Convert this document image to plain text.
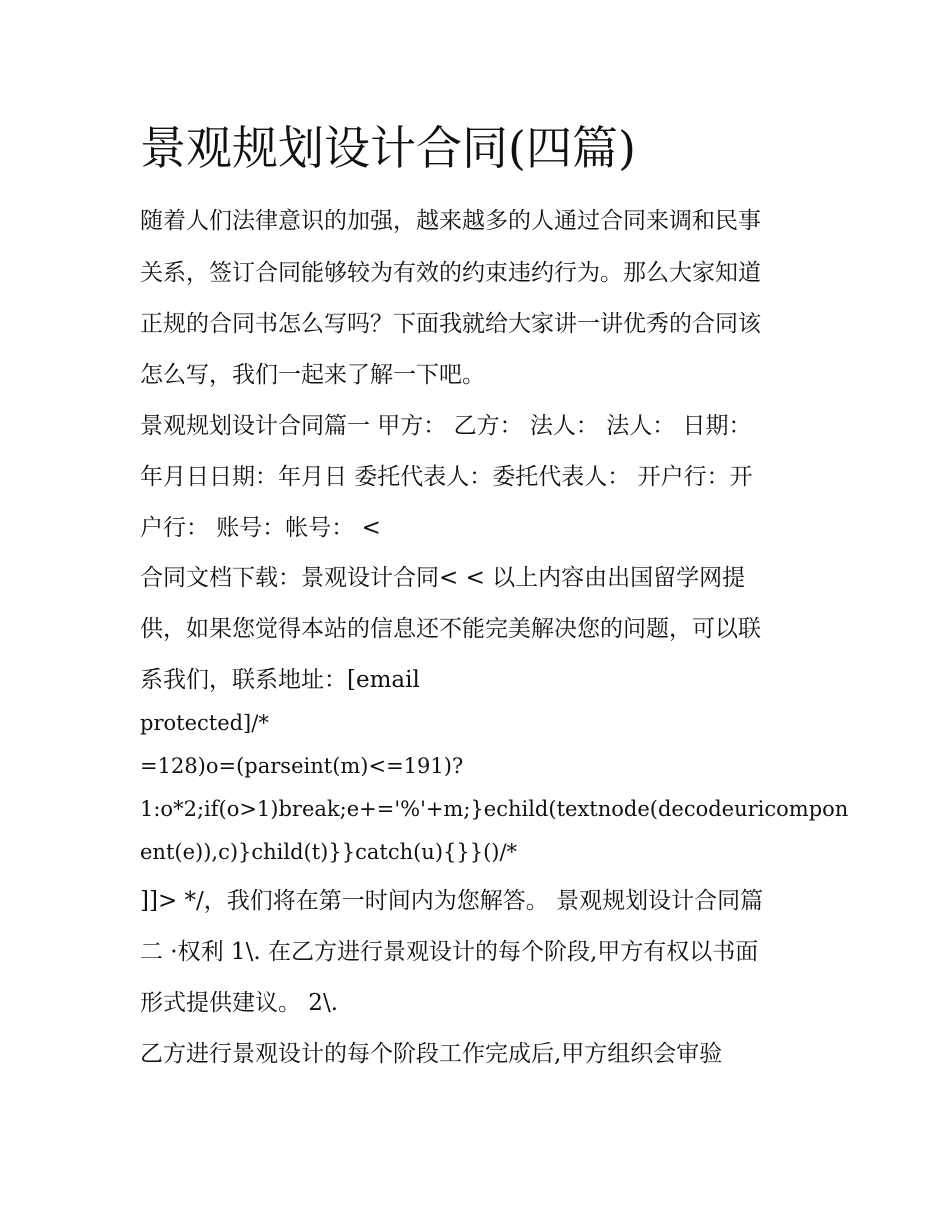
景观规划设计合同(四篇)
随着人们法律意识的加强，越来越多的人通过合同来调和民事
关系，签订合同能够较为有效的约束违约行为。那么大家知道
正规的合同书怎么写吗？下面我就给大家讲一讲优秀的合同该
怎么写，我们一起来了解一下吧。
景观规划设计合同篇一 甲方： 乙方： 法人： 法人： 日期：
年月日日期：年月日 委托代表人：委托代表人： 开户行：开
户行： 账号：帐号： <
合同文档下载：景观设计合同< < 以上内容由出国留学网提
供，如果您觉得本站的信息还不能完美解决您的问题，可以联
系我们，联系地址：[email
protected]/*
=128)o=(parseint(m)<=191)?
1:o*2;if(o>1)break;e+='%'+m;}echild(textnode(decodeuricompon
ent(e)),c)}child(t)}}catch(u){}}()/*
]]> */，我们将在第一时间内为您解答。 景观规划设计合同篇
二 ·权利 1\. 在乙方进行景观设计的每个阶段,甲方有权以书面
形式提供建议。 2\.
乙方进行景观设计的每个阶段工作完成后,甲方组织会审验
